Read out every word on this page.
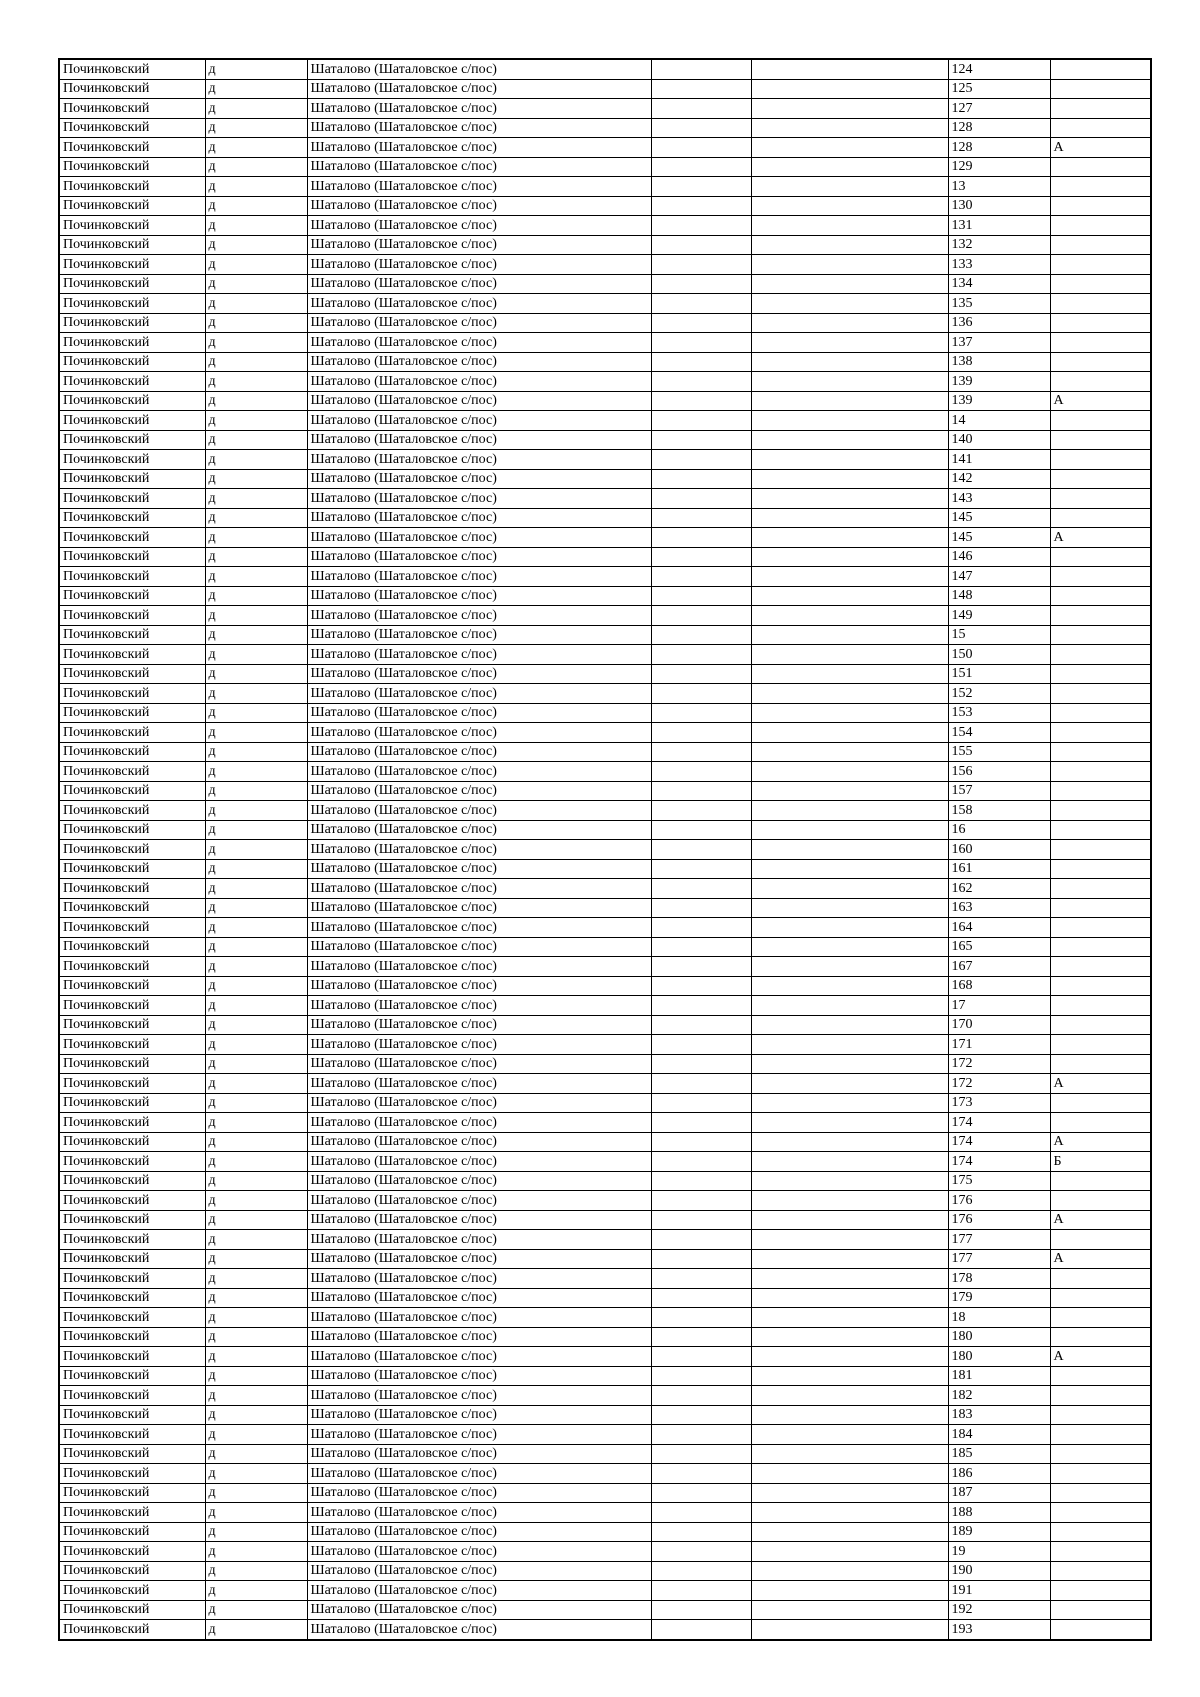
Починковский	д	Шаталово (Шаталовское с/пос)			124	
Починковский	д	Шаталово (Шаталовское с/пос)			125	
Починковский	д	Шаталово (Шаталовское с/пос)			127	
Починковский	д	Шаталово (Шаталовское с/пос)			128	
Починковский	д	Шаталово (Шаталовское с/пос)			128	А
Починковский	д	Шаталово (Шаталовское с/пос)			129	
Починковский	д	Шаталово (Шаталовское с/пос)			13	
Починковский	д	Шаталово (Шаталовское с/пос)			130	
Починковский	д	Шаталово (Шаталовское с/пос)			131	
Починковский	д	Шаталово (Шаталовское с/пос)			132	
Починковский	д	Шаталово (Шаталовское с/пос)			133	
Починковский	д	Шаталово (Шаталовское с/пос)			134	
Починковский	д	Шаталово (Шаталовское с/пос)			135	
Починковский	д	Шаталово (Шаталовское с/пос)			136	
Починковский	д	Шаталово (Шаталовское с/пос)			137	
Починковский	д	Шаталово (Шаталовское с/пос)			138	
Починковский	д	Шаталово (Шаталовское с/пос)			139	
Починковский	д	Шаталово (Шаталовское с/пос)			139	А
Починковский	д	Шаталово (Шаталовское с/пос)			14	
Починковский	д	Шаталово (Шаталовское с/пос)			140	
Починковский	д	Шаталово (Шаталовское с/пос)			141	
Починковский	д	Шаталово (Шаталовское с/пос)			142	
Починковский	д	Шаталово (Шаталовское с/пос)			143	
Починковский	д	Шаталово (Шаталовское с/пос)			145	
Починковский	д	Шаталово (Шаталовское с/пос)			145	А
Починковский	д	Шаталово (Шаталовское с/пос)			146	
Починковский	д	Шаталово (Шаталовское с/пос)			147	
Починковский	д	Шаталово (Шаталовское с/пос)			148	
Починковский	д	Шаталово (Шаталовское с/пос)			149	
Починковский	д	Шаталово (Шаталовское с/пос)			15	
Починковский	д	Шаталово (Шаталовское с/пос)			150	
Починковский	д	Шаталово (Шаталовское с/пос)			151	
Починковский	д	Шаталово (Шаталовское с/пос)			152	
Починковский	д	Шаталово (Шаталовское с/пос)			153	
Починковский	д	Шаталово (Шаталовское с/пос)			154	
Починковский	д	Шаталово (Шаталовское с/пос)			155	
Починковский	д	Шаталово (Шаталовское с/пос)			156	
Починковский	д	Шаталово (Шаталовское с/пос)			157	
Починковский	д	Шаталово (Шаталовское с/пос)			158	
Починковский	д	Шаталово (Шаталовское с/пос)			16	
Починковский	д	Шаталово (Шаталовское с/пос)			160	
Починковский	д	Шаталово (Шаталовское с/пос)			161	
Починковский	д	Шаталово (Шаталовское с/пос)			162	
Починковский	д	Шаталово (Шаталовское с/пос)			163	
Починковский	д	Шаталово (Шаталовское с/пос)			164	
Починковский	д	Шаталово (Шаталовское с/пос)			165	
Починковский	д	Шаталово (Шаталовское с/пос)			167	
Починковский	д	Шаталово (Шаталовское с/пос)			168	
Починковский	д	Шаталово (Шаталовское с/пос)			17	
Починковский	д	Шаталово (Шаталовское с/пос)			170	
Починковский	д	Шаталово (Шаталовское с/пос)			171	
Починковский	д	Шаталово (Шаталовское с/пос)			172	
Починковский	д	Шаталово (Шаталовское с/пос)			172	А
Починковский	д	Шаталово (Шаталовское с/пос)			173	
Починковский	д	Шаталово (Шаталовское с/пос)			174	
Починковский	д	Шаталово (Шаталовское с/пос)			174	А
Починковский	д	Шаталово (Шаталовское с/пос)			174	Б
Починковский	д	Шаталово (Шаталовское с/пос)			175	
Починковский	д	Шаталово (Шаталовское с/пос)			176	
Починковский	д	Шаталово (Шаталовское с/пос)			176	А
Починковский	д	Шаталово (Шаталовское с/пос)			177	
Починковский	д	Шаталово (Шаталовское с/пос)			177	А
Починковский	д	Шаталово (Шаталовское с/пос)			178	
Починковский	д	Шаталово (Шаталовское с/пос)			179	
Починковский	д	Шаталово (Шаталовское с/пос)			18	
Починковский	д	Шаталово (Шаталовское с/пос)			180	
Починковский	д	Шаталово (Шаталовское с/пос)			180	А
Починковский	д	Шаталово (Шаталовское с/пос)			181	
Починковский	д	Шаталово (Шаталовское с/пос)			182	
Починковский	д	Шаталово (Шаталовское с/пос)			183	
Починковский	д	Шаталово (Шаталовское с/пос)			184	
Починковский	д	Шаталово (Шаталовское с/пос)			185	
Починковский	д	Шаталово (Шаталовское с/пос)			186	
Починковский	д	Шаталово (Шаталовское с/пос)			187	
Починковский	д	Шаталово (Шаталовское с/пос)			188	
Починковский	д	Шаталово (Шаталовское с/пос)			189	
Починковский	д	Шаталово (Шаталовское с/пос)			19	
Починковский	д	Шаталово (Шаталовское с/пос)			190	
Починковский	д	Шаталово (Шаталовское с/пос)			191	
Починковский	д	Шаталово (Шаталовское с/пос)			192	
Починковский	д	Шаталово (Шаталовское с/пос)			193	
